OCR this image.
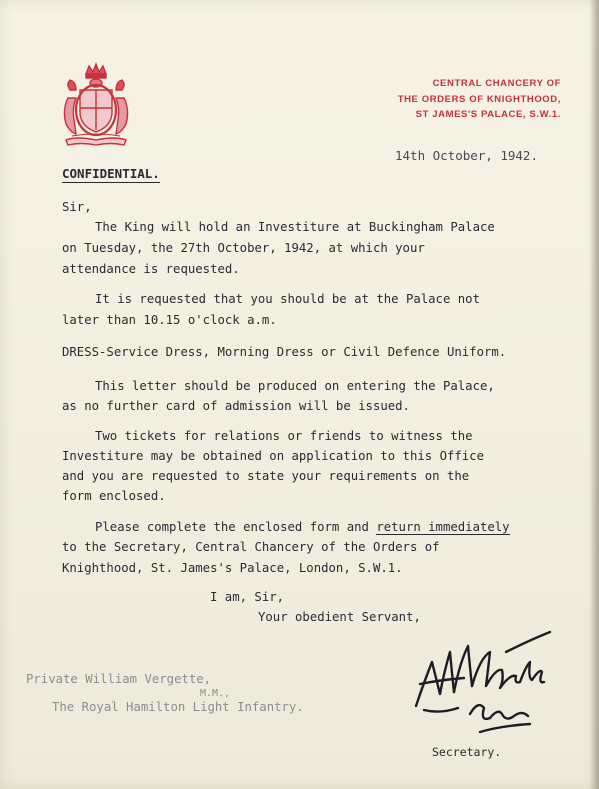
CENTRAL CHANCERY OF
THE ORDERS OF KNIGHTHOOD,
ST JAMES'S PALACE, S.W.1.
14th October, 1942.
CONFIDENTIAL.
Sir,
The King will hold an Investiture at Buckingham Palace
on Tuesday, the 27th October, 1942, at which your
attendance is requested.
It is requested that you should be at the Palace not
later than 10.15 o'clock a.m.
DRESS-Service Dress, Morning Dress or Civil Defence Uniform.
This letter should be produced on entering the Palace,
as no further card of admission will be issued.
Two tickets for relations or friends to witness the
Investiture may be obtained on application to this Office
and you are requested to state your requirements on the
form enclosed.
Please complete the enclosed form and return immediately
to the Secretary, Central Chancery of the Orders of
Knighthood, St. James's Palace, London, S.W.1.
I am, Sir,
Your obedient Servant,
Private William Vergette,
M.M.,
The Royal Hamilton Light Infantry.
Secretary.
